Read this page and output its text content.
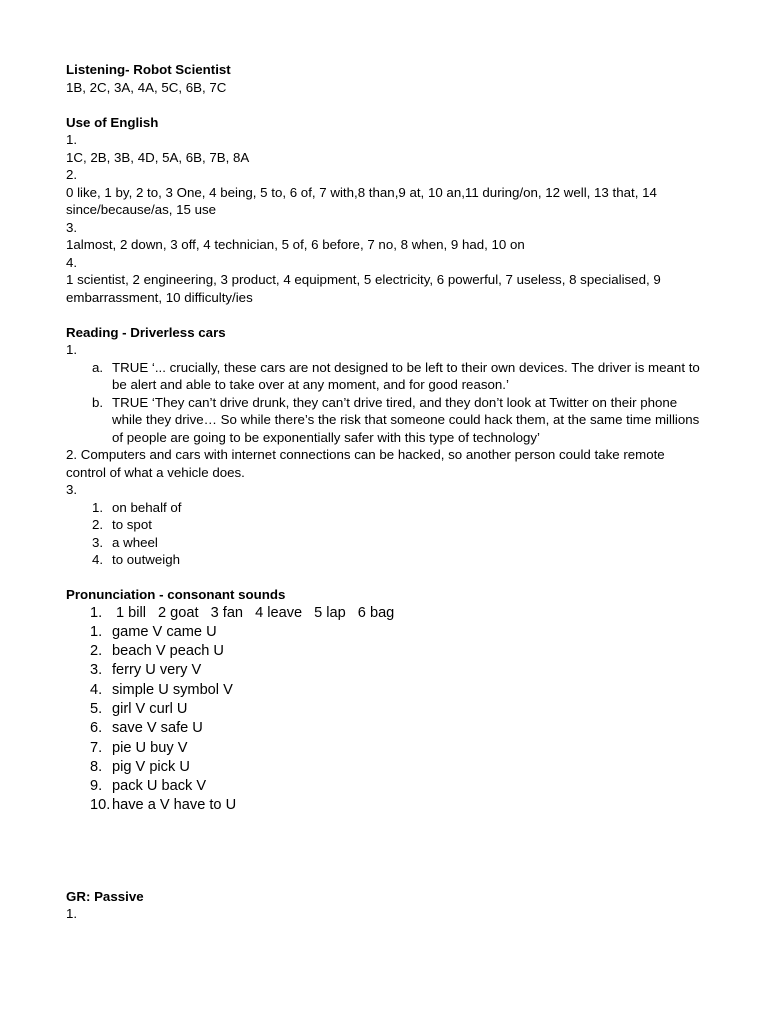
Listening- Robot Scientist
1B, 2C, 3A, 4A, 5C, 6B, 7C
Use of English
1.
1C, 2B, 3B, 4D, 5A, 6B, 7B, 8A
2.
0 like, 1 by, 2 to, 3 One, 4 being, 5 to, 6 of, 7 with,8 than,9 at, 10 an,11 during/on, 12 well, 13 that, 14 since/because/as, 15 use
3.
1almost, 2 down, 3 off, 4 technician, 5 of, 6 before, 7 no, 8 when, 9 had, 10 on
4.
1 scientist, 2 engineering, 3 product, 4 equipment, 5 electricity, 6 powerful, 7 useless, 8 specialised, 9 embarrassment, 10 difficulty/ies
Reading - Driverless cars
1.
a. TRUE ‘... crucially, these cars are not designed to be left to their own devices. The driver is meant to be alert and able to take over at any moment, and for good reason.’
b. TRUE ‘They can’t drive drunk, they can’t drive tired, and they don’t look at Twitter on their phone while they drive… So while there’s the risk that someone could hack them, at the same time millions of people are going to be exponentially safer with this type of technology’
2. Computers and cars with internet connections can be hacked, so another person could take remote control of what a vehicle does.
3.
1. on behalf of
2. to spot
3. a wheel
4. to outweigh
Pronunciation - consonant sounds
1. 1 bill 2 goat 3 fan 4 leave 5 lap 6 bag
1. game V came U
2. beach V peach U
3. ferry U very V
4. simple U symbol V
5. girl V curl U
6. save V safe U
7. pie U buy V
8. pig V pick U
9. pack U back V
10. have a V have to U
GR: Passive
1.
